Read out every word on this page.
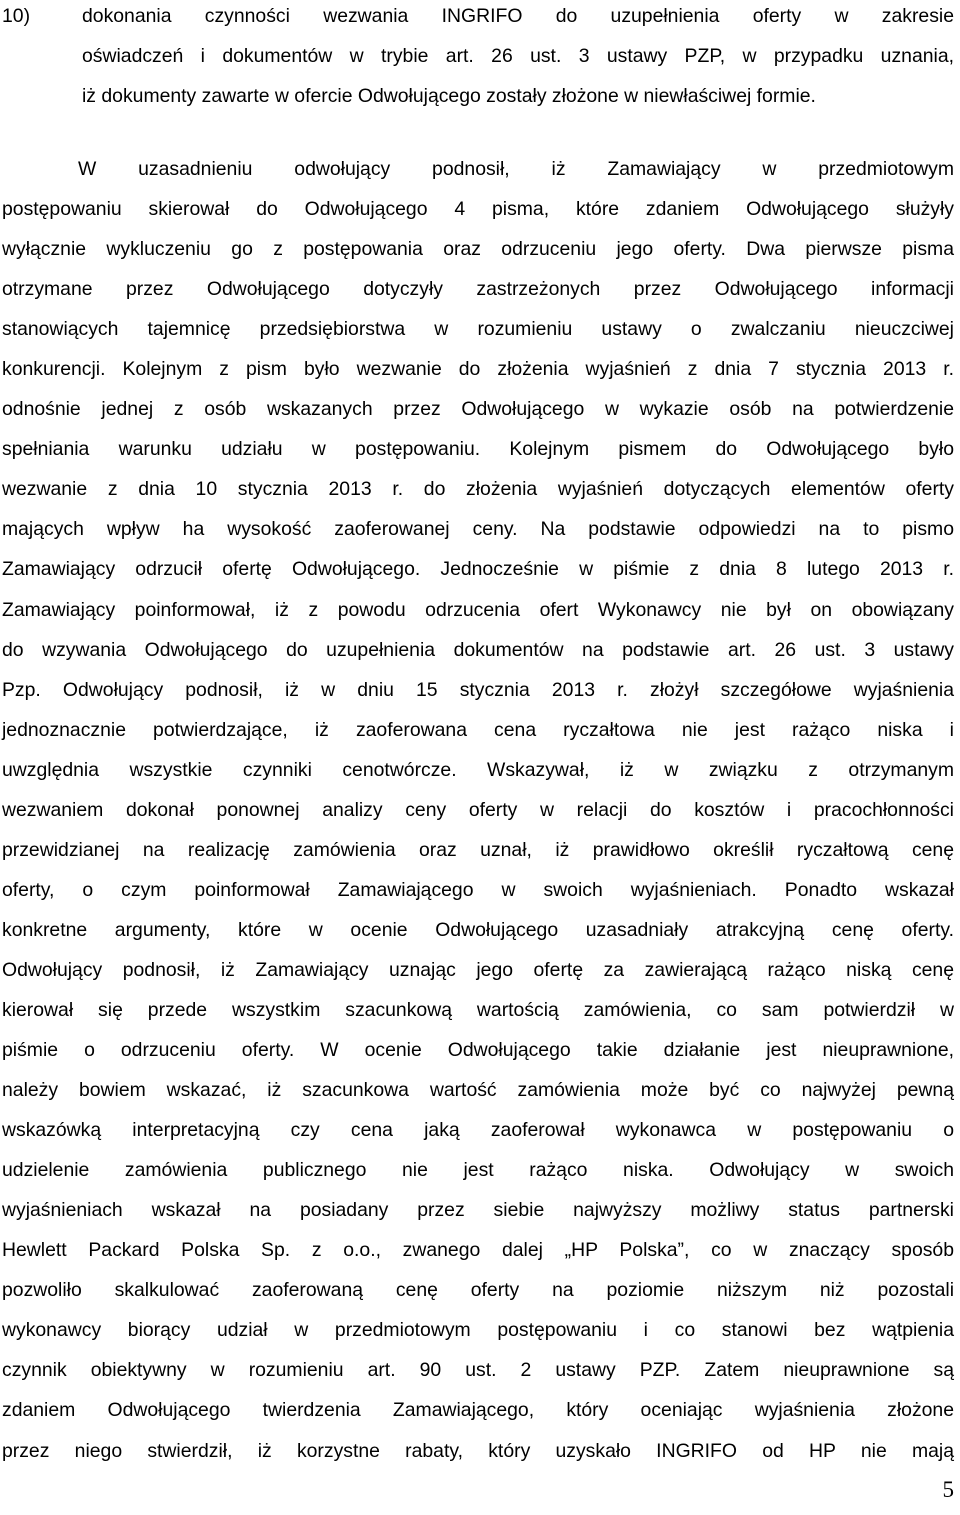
10)	dokonania czynności wezwania INGRIFO do uzupełnienia oferty w zakresie
oświadczeń i dokumentów w trybie art. 26 ust. 3 ustawy PZP, w przypadku uznania,
iż dokumenty zawarte w ofercie Odwołującego zostały złożone w niewłaściwej formie.
W uzasadnieniu odwołujący podnosił, iż Zamawiający w przedmiotowym
postępowaniu skierował do Odwołującego 4 pisma, które zdaniem Odwołującego służyły
wyłącznie wykluczeniu go z postępowania oraz odrzuceniu jego oferty. Dwa pierwsze pisma
otrzymane przez Odwołującego dotyczyły zastrzeżonych przez Odwołującego informacji
stanowiących tajemnicę przedsiębiorstwa w rozumieniu ustawy o zwalczaniu nieuczciwej
konkurencji. Kolejnym z pism było wezwanie do złożenia wyjaśnień z dnia 7 stycznia 2013 r.
odnośnie jednej z osób wskazanych przez Odwołującego w wykazie osób na potwierdzenie
spełniania warunku udziału w postępowaniu. Kolejnym pismem do Odwołującego było
wezwanie z dnia 10 stycznia 2013 r. do złożenia wyjaśnień dotyczących elementów oferty
mających wpływ ha wysokość zaoferowanej ceny. Na podstawie odpowiedzi na to pismo
Zamawiający odrzucił ofertę Odwołującego. Jednocześnie w piśmie z dnia 8 lutego 2013 r.
Zamawiający poinformował, iż z powodu odrzucenia ofert Wykonawcy nie był on obowiązany
do wzywania Odwołującego do uzupełnienia dokumentów na podstawie art. 26 ust. 3 ustawy
Pzp. Odwołujący podnosił, iż w dniu 15 stycznia 2013 r. złożył szczegółowe wyjaśnienia
jednoznacznie potwierdzające, iż zaoferowana cena ryczałtowa nie jest rażąco niska i
uwzględnia wszystkie czynniki cenotwórcze. Wskazywał, iż w związku z otrzymanym
wezwaniem dokonał ponownej analizy ceny oferty w relacji do kosztów i pracochłonności
przewidzianej na realizację zamówienia oraz uznał, iż prawidłowo określił ryczałtową cenę
oferty, o czym poinformował Zamawiającego w swoich wyjaśnieniach. Ponadto wskazał
konkretne argumenty, które w ocenie Odwołującego uzasadniały atrakcyjną cenę oferty.
Odwołujący podnosił, iż Zamawiający uznając jego ofertę za zawierającą rażąco niską cenę
kierował się przede wszystkim szacunkową wartością zamówienia, co sam potwierdził w
piśmie o odrzuceniu oferty. W ocenie Odwołującego takie działanie jest nieuprawnione,
należy bowiem wskazać, iż szacunkowa wartość zamówienia może być co najwyżej pewną
wskazówką interpretacyjną czy cena jaką zaoferował wykonawca w postępowaniu o
udzielenie zamówienia publicznego nie jest rażąco niska. Odwołujący w swoich
wyjaśnieniach wskazał na posiadany przez siebie najwyższy możliwy status partnerski
Hewlett Packard Polska Sp. z o.o., zwanego dalej „HP Polska”, co w znaczący sposób
pozwoliło skalkulować zaoferowaną cenę oferty na poziomie niższym niż pozostali
wykonawcy biorący udział w przedmiotowym postępowaniu i co stanowi bez wątpienia
czynnik obiektywny w rozumieniu art. 90 ust. 2 ustawy PZP. Zatem nieuprawnione są
zdaniem Odwołującego twierdzenia Zamawiającego, który oceniając wyjaśnienia złożone
przez niego stwierdził, iż korzystne rabaty, który uzyskało INGRIFO od HP nie mają
5
